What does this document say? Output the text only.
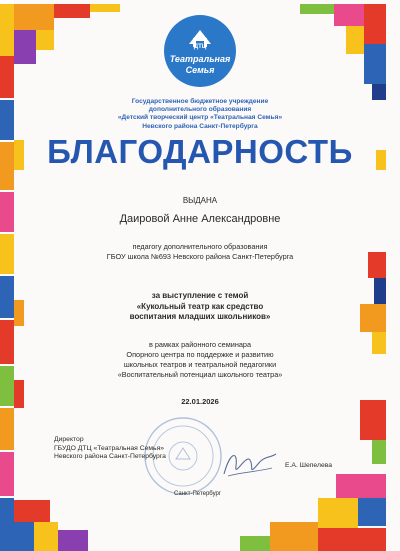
ДТЦ
Театральная
Семья
Государственное бюджетное учреждение
дополнительного образования
«Детский творческий центр «Театральная Семья»
Невского района Санкт-Петербурга
БЛАГОДАРНОСТЬ
ВЫДАНА
Даировой Анне Александровне
педагогу дополнительного образования
ГБОУ школа №693 Невского района Санкт-Петербурга
за выступление с темой
«Кукольный театр как средство
воспитания младших школьников»
в рамках районного семинара
Опорного центра по поддержке и развитию
школьных театров и театральной педагогики
«Воспитательный потенциал школьного театра»
22.01.2026
Директор
ГБУДО ДТЦ «Театральная Семья»
Невского района Санкт-Петербурга
Е.А. Шепелева
Санкт-Петербург
